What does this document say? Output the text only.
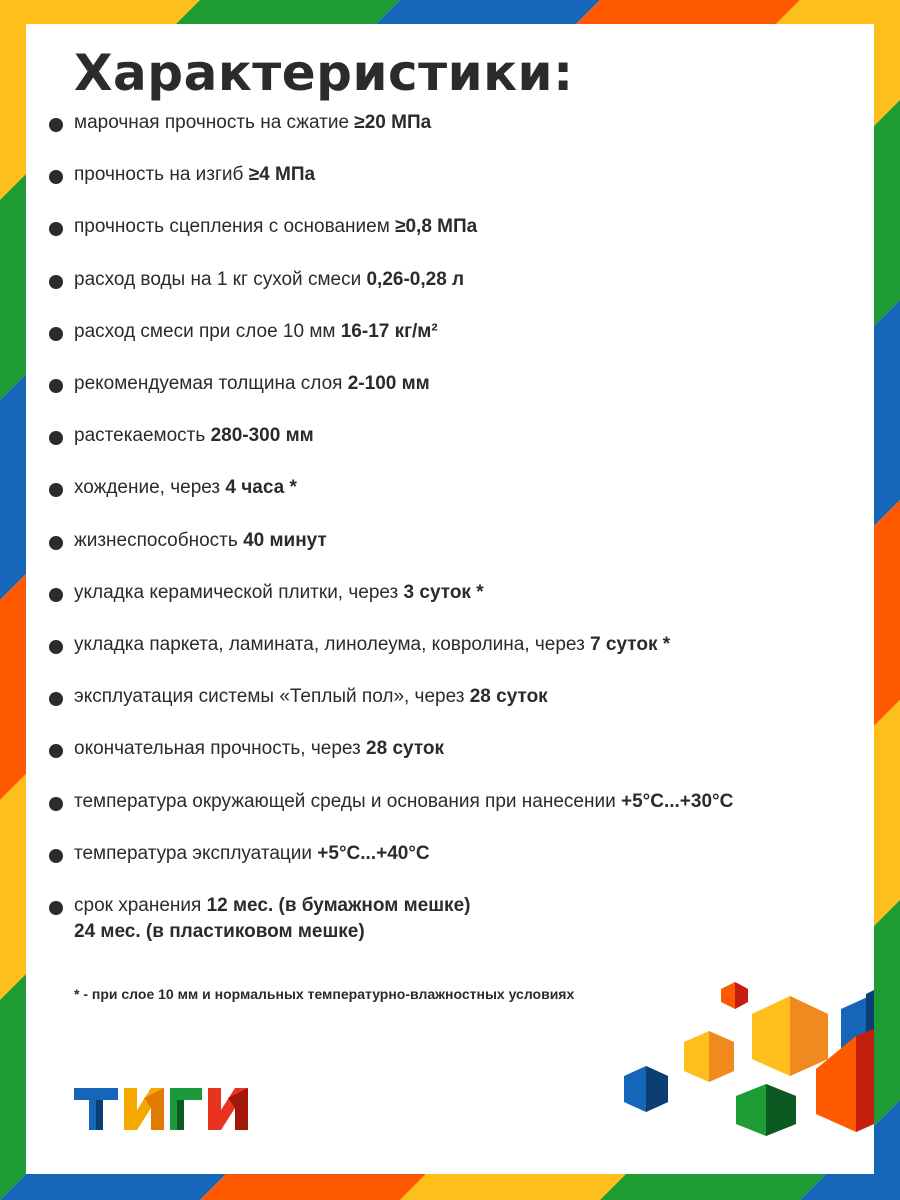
Характеристики:
марочная прочность на сжатие ≥20 МПа
прочность на изгиб ≥4 МПа
прочность сцепления с основанием ≥0,8 МПа
расход воды на 1 кг сухой смеси 0,26-0,28 л
расход смеси при слое 10 мм 16-17 кг/м²
рекомендуемая толщина слоя 2-100 мм
растекаемость 280-300 мм
хождение, через 4 часа *
жизнеспособность 40 минут
укладка керамической плитки, через 3 суток *
укладка паркета, ламината, линолеума, ковролина, через 7 суток *
эксплуатация системы «Теплый пол», через 28 суток
окончательная прочность, через 28 суток
температура окружающей среды и основания при нанесении +5°C...+30°C
температура эксплуатации +5°C...+40°C
срок хранения 12 мес. (в бумажном мешке)
24 мес. (в пластиковом мешке)
* - при слое 10 мм и нормальных температурно-влажностных условиях
